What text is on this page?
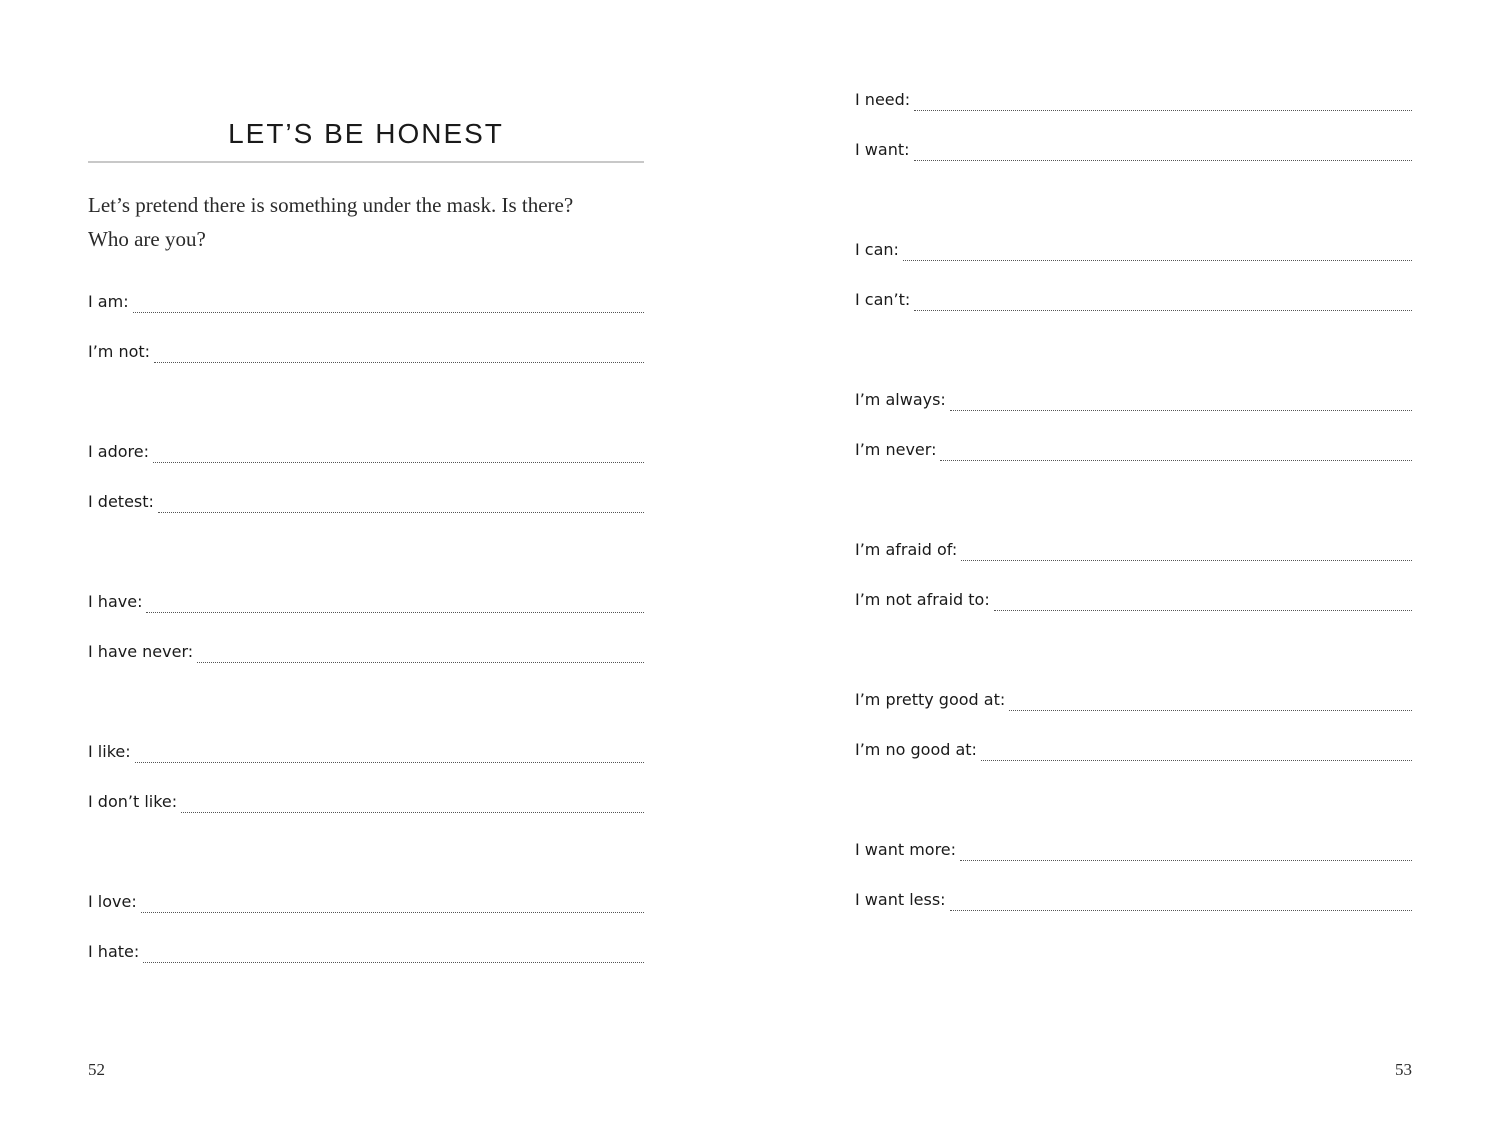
LET’S BE HONEST
Let’s pretend there is something under the mask. Is there?
Who are you?
I am:
I’m not:
I adore:
I detest:
I have:
I have never:
I like:
I don’t like:
I love:
I hate:
52
I need:
I want:
I can:
I can’t:
I’m always:
I’m never:
I’m afraid of:
I’m not afraid to:
I’m pretty good at:
I’m no good at:
I want more:
I want less:
53
